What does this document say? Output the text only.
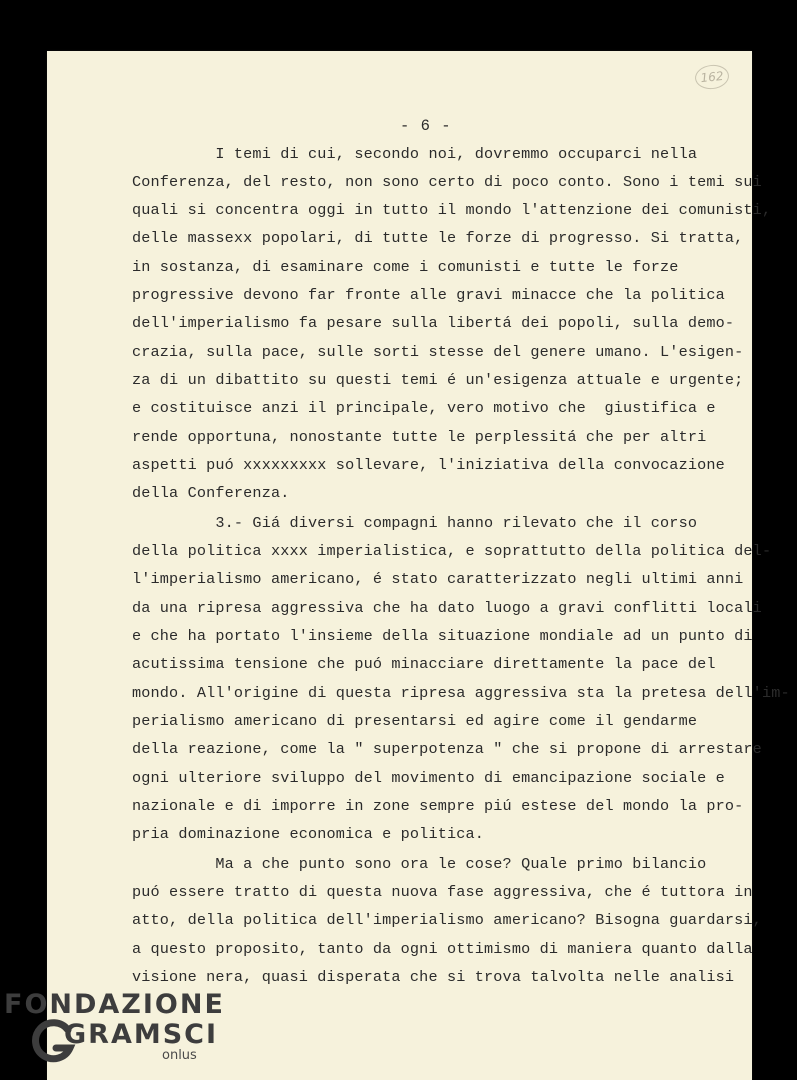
162
- 6 -
I temi di cui, secondo noi, dovremmo occuparci nella
Conferenza, del resto, non sono certo di poco conto. Sono i temi sui
quali si concentra oggi in tutto il mondo l'attenzione dei comunisti,
delle massexx popolari, di tutte le forze di progresso. Si tratta,
in sostanza, di esaminare come i comunisti e tutte le forze
progressive devono far fronte alle gravi minacce che la politica
dell'imperialismo fa pesare sulla libertá dei popoli, sulla demo-
crazia, sulla pace, sulle sorti stesse del genere umano. L'esigen-
za di un dibattito su questi temi é un'esigenza attuale e urgente;
e costituisce anzi il principale, vero motivo che  giustifica e
rende opportuna, nonostante tutte le perplessitá che per altri
aspetti puó xxxxxxxxx sollevare, l'iniziativa della convocazione
della Conferenza.
3.- Giá diversi compagni hanno rilevato che il corso
della politica xxxx imperialistica, e soprattutto della politica del-
l'imperialismo americano, é stato caratterizzato negli ultimi anni
da una ripresa aggressiva che ha dato luogo a gravi conflitti locali
e che ha portato l'insieme della situazione mondiale ad un punto di
acutissima tensione che puó minacciare direttamente la pace del
mondo. All'origine di questa ripresa aggressiva sta la pretesa dell'im-
perialismo americano di presentarsi ed agire come il gendarme
della reazione, come la " superpotenza " che si propone di arrestare
ogni ulteriore sviluppo del movimento di emancipazione sociale e
nazionale e di imporre in zone sempre piú estese del mondo la pro-
pria dominazione economica e politica.
Ma a che punto sono ora le cose? Quale primo bilancio
puó essere tratto di questa nuova fase aggressiva, che é tuttora in
atto, della politica dell'imperialismo americano? Bisogna guardarsi,
a questo proposito, tanto da ogni ottimismo di maniera quanto dalla
visione nera, quasi disperata che si trova talvolta nelle analisi
FONDAZIONE
GRAMSCI
onlus
